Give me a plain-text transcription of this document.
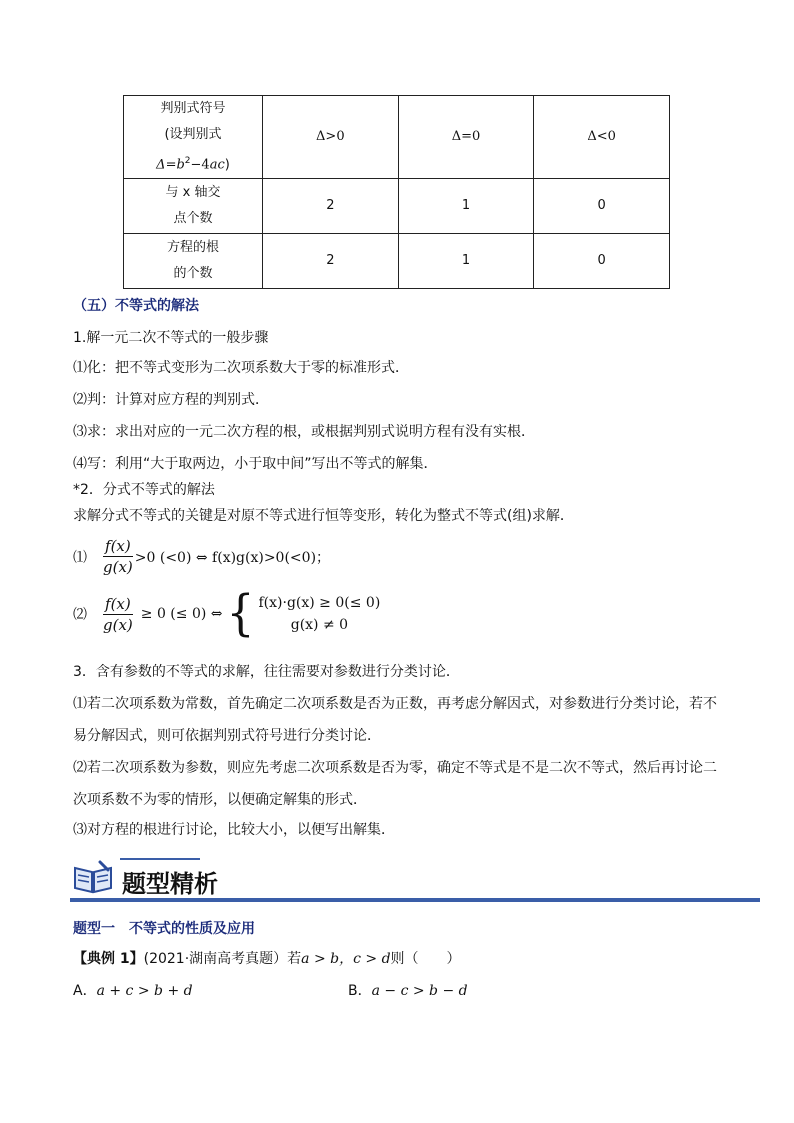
判别式符号
(设判别式
$\Delta=b^2-4ac$)	Δ>0	Δ=0	Δ<0

与 x 轴交
点个数	2	1	0

方程的根
的个数	2	1	0
（五）不等式的解法
1.解一元二次不等式的一般步骤
⑴化：把不等式变形为二次项系数大于零的标准形式．
⑵判：计算对应方程的判别式．
⑶求：求出对应的一元二次方程的根，或根据判别式说明方程有没有实根．
⑷写：利用“大于取两边，小于取中间”写出不等式的解集．
*2．分式不等式的解法
求解分式不等式的关键是对原不等式进行恒等变形，转化为整式不等式(组)求解．
⑴ $\frac{f(x)}{g(x)} >0$ (<0) ⇔ f(x)g(x)>0(<0)；
⑵ $\frac{f(x)}{g(x)} \ge 0$ (≤ 0) ⇔ { f(x)·g(x) ≥ 0(≤ 0)
g(x) ≠ 0
3．含有参数的不等式的求解，往往需要对参数进行分类讨论．
⑴若二次项系数为常数，首先确定二次项系数是否为正数，再考虑分解因式，对参数进行分类讨论，若不
易分解因式，则可依据判别式符号进行分类讨论．
⑵若二次项系数为参数，则应先考虑二次项系数是否为零，确定不等式是不是二次不等式，然后再讨论二
次项系数不为零的情形，以便确定解集的形式．
⑶对方程的根进行讨论，比较大小，以便写出解集．
题型精析
题型一　不等式的性质及应用
【典例 1】(2021·湖南高考真题）若a > b，c > d则（　　）
A．a + c > b + d	B．a − c > b − d
